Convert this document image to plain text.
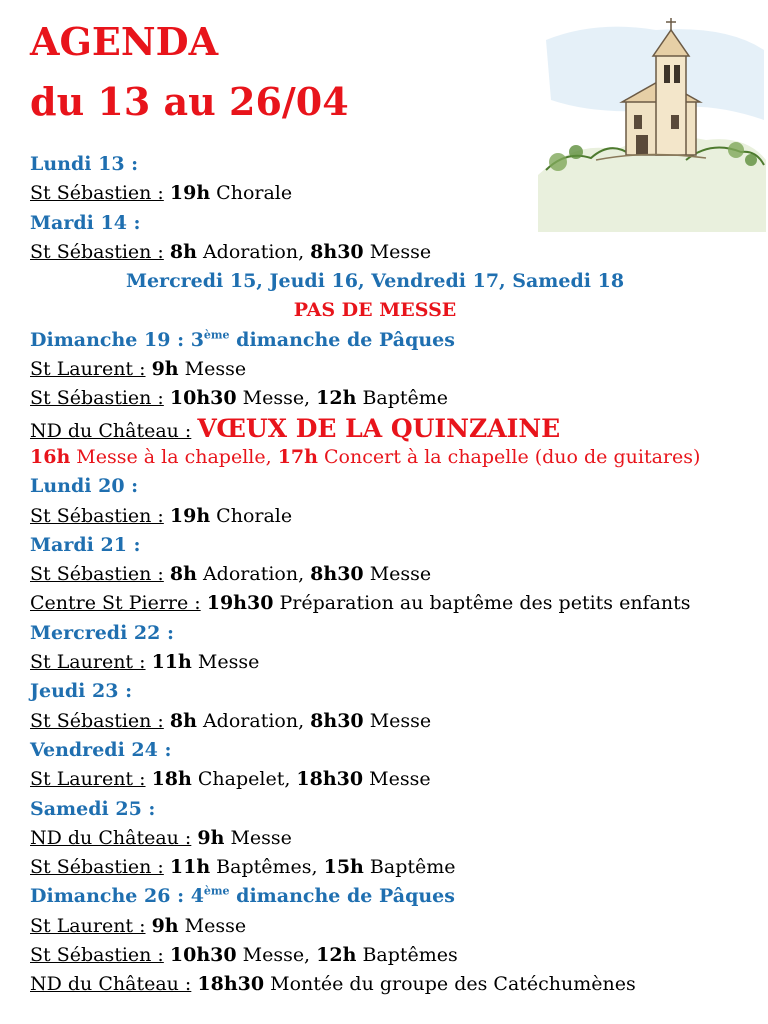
AGENDA
du 13 au 26/04
Lundi 13 :
St Sébastien : 19h Chorale
Mardi 14 :
St Sébastien : 8h Adoration, 8h30 Messe
Mercredi 15, Jeudi 16, Vendredi 17, Samedi 18
PAS DE MESSE
Dimanche 19 : 3ème dimanche de Pâques
St Laurent : 9h Messe
St Sébastien : 10h30 Messe, 12h Baptême
ND du Château : VŒUX DE LA QUINZAINE
16h Messe à la chapelle, 17h Concert à la chapelle (duo de guitares)
Lundi 20 :
St Sébastien : 19h Chorale
Mardi 21 :
St Sébastien : 8h Adoration, 8h30 Messe
Centre St Pierre : 19h30 Préparation au baptême des petits enfants
Mercredi 22 :
St Laurent : 11h Messe
Jeudi 23 :
St Sébastien : 8h Adoration, 8h30 Messe
Vendredi 24 :
St Laurent : 18h Chapelet, 18h30 Messe
Samedi 25 :
ND du Château : 9h Messe
St Sébastien : 11h Baptêmes, 15h Baptême
Dimanche 26 : 4ème dimanche de Pâques
St Laurent : 9h Messe
St Sébastien : 10h30 Messe, 12h Baptêmes
ND du Château : 18h30 Montée du groupe des Catéchumènes
